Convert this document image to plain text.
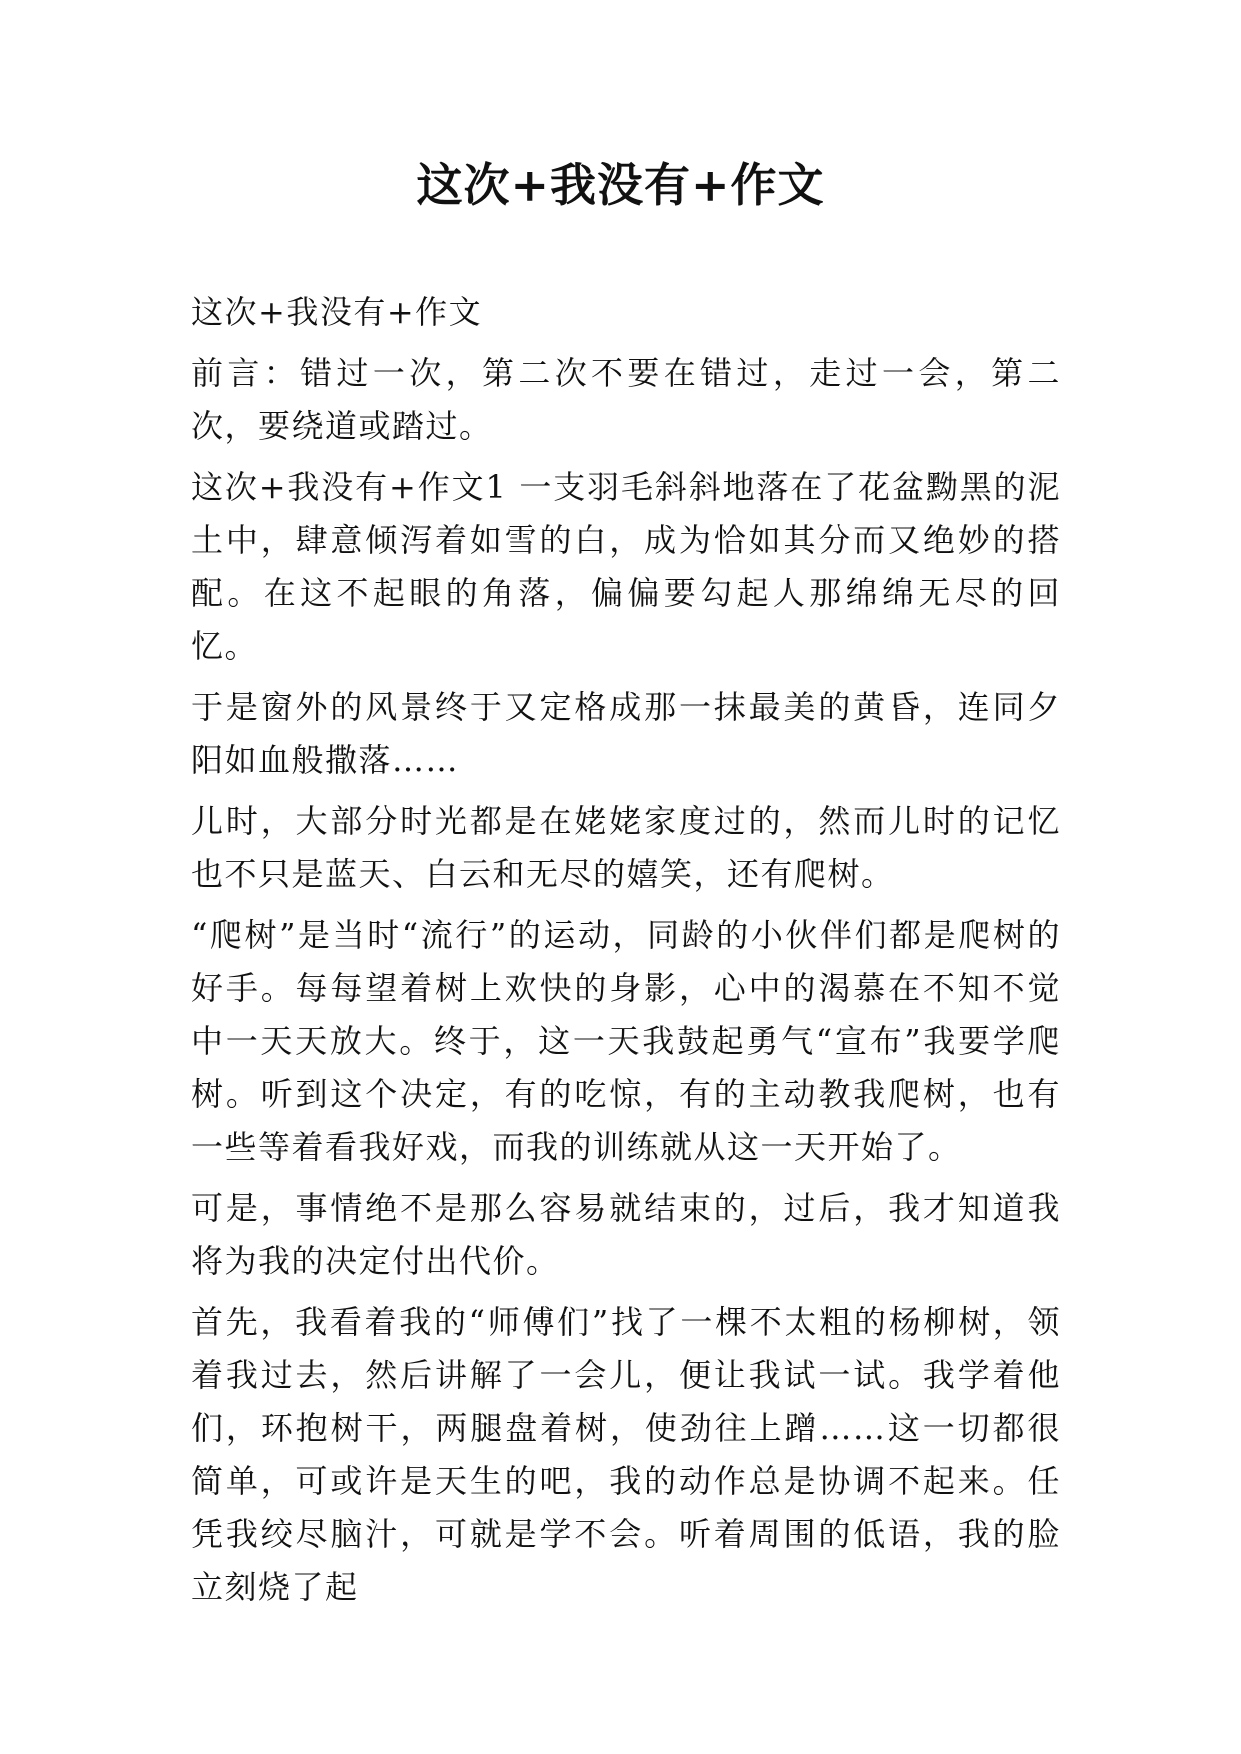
这次+我没有+作文

这次+我没有+作文

前言：错过一次，第二次不要在错过，走过一会，第二次，要绕道或踏过。

这次+我没有+作文1 一支羽毛斜斜地落在了花盆黝黑的泥土中，肆意倾泻着如雪的白，成为恰如其分而又绝妙的搭配。在这不起眼的角落，偏偏要勾起人那绵绵无尽的回忆。

于是窗外的风景终于又定格成那一抹最美的黄昏，连同夕阳如血般撒落……

儿时，大部分时光都是在姥姥家度过的，然而儿时的记忆也不只是蓝天、白云和无尽的嬉笑，还有爬树。

“爬树”是当时“流行”的运动，同龄的小伙伴们都是爬树的好手。每每望着树上欢快的身影，心中的渴慕在不知不觉中一天天放大。终于，这一天我鼓起勇气“宣布”我要学爬树。听到这个决定，有的吃惊，有的主动教我爬树，也有一些等着看我好戏，而我的训练就从这一天开始了。

可是，事情绝不是那么容易就结束的，过后，我才知道我将为我的决定付出代价。

首先，我看着我的“师傅们”找了一棵不太粗的杨柳树，领着我过去，然后讲解了一会儿，便让我试一试。我学着他们，环抱树干，两腿盘着树，使劲往上蹭……这一切都很简单，可或许是天生的吧，我的动作总是协调不起来。任凭我绞尽脑汁，可就是学不会。听着周围的低语，我的脸立刻烧了起
